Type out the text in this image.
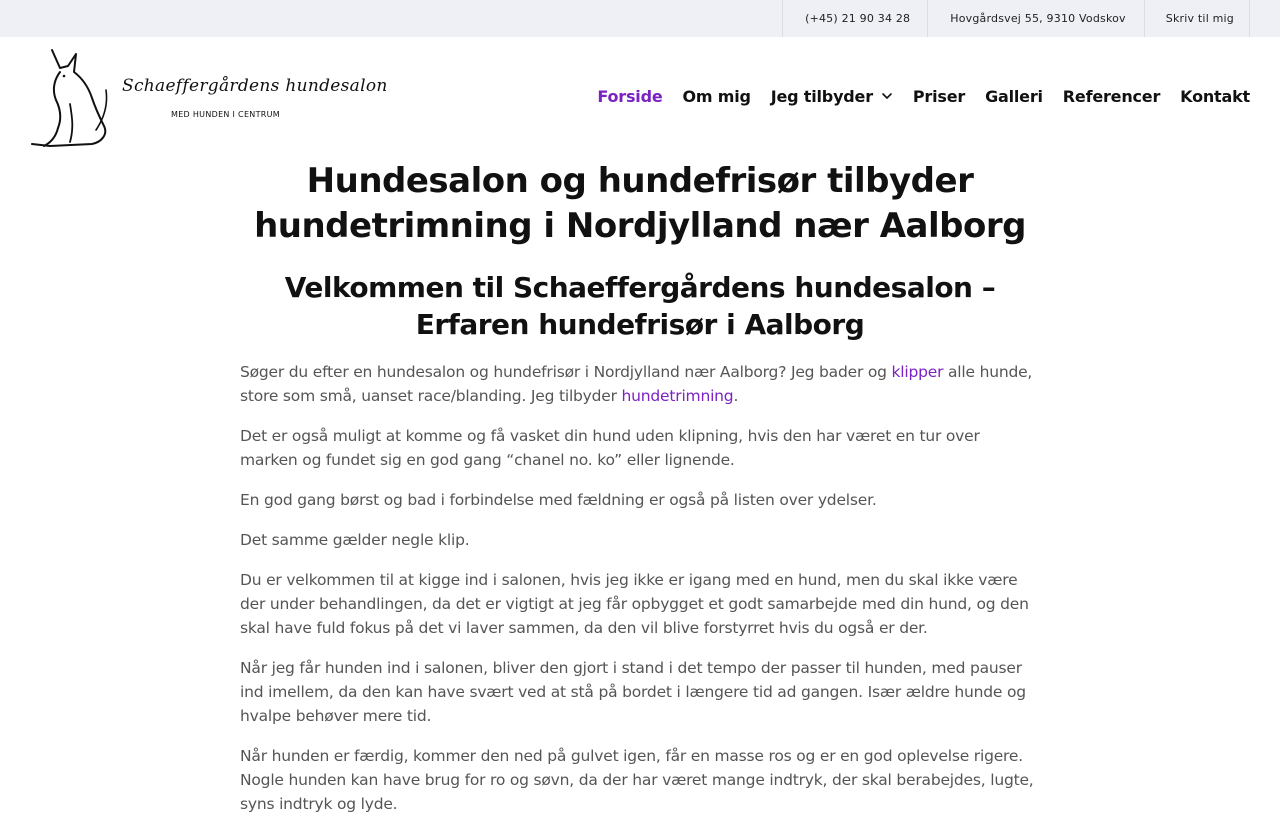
(+45) 21 90 34 28	Hovgårdsvej 55, 9310 Vodskov	Skriv til mig
Schaeffergårdens hundesalon
MED HUNDEN I CENTRUM
Forside Om mig Jeg tilbyder	Priser Galleri Referencer Kontakt
Hundesalon og hundefrisør tilbyder hundetrimning i Nordjylland nær Aalborg
Velkommen til Schaeffergårdens hundesalon – Erfaren hundefrisør i Aalborg

Søger du efter en hundesalon og hundefrisør i Nordjylland nær Aalborg? Jeg bader og klipper alle hunde, store som små, uanset race/blanding. Jeg tilbyder hundetrimning.

Det er også muligt at komme og få vasket din hund uden klipning, hvis den har været en tur over marken og fundet sig en god gang “chanel no. ko” eller lignende.

En god gang børst og bad i forbindelse med fældning er også på listen over ydelser.

Det samme gælder negle klip.

Du er velkommen til at kigge ind i salonen, hvis jeg ikke er igang med en hund, men du skal ikke være der under behandlingen, da det er vigtigt at jeg får opbygget et godt samarbejde med din hund, og den skal have fuld fokus på det vi laver sammen, da den vil blive forstyrret hvis du også er der.

Når jeg får hunden ind i salonen, bliver den gjort i stand i det tempo der passer til hunden, med pauser ind imellem, da den kan have svært ved at stå på bordet i længere tid ad gangen. Især ældre hunde og hvalpe behøver mere tid.

Når hunden er færdig, kommer den ned på gulvet igen, får en masse ros og er en god oplevelse rigere. Nogle hunden kan have brug for ro og søvn, da der har været mange indtryk, der skal berabejdes, lugte, syns indtryk og lyde.
